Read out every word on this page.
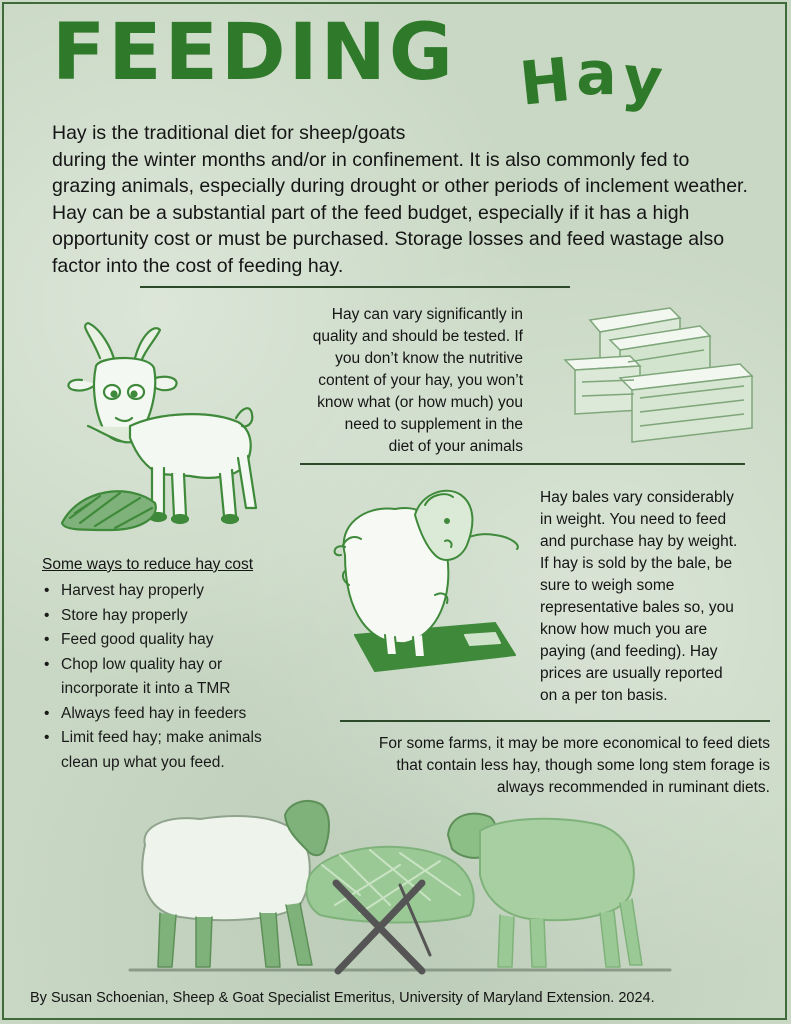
FEEDING Hay
Hay is the traditional diet for sheep/goats
during the winter months and/or in confinement. It is also commonly fed to grazing animals, especially during drought or other periods of inclement weather. Hay can be a substantial part of the feed budget, especially if it has a high opportunity cost or must be purchased. Storage losses and feed wastage also factor into the cost of feeding hay.
Hay can vary significantly in
quality and should be tested. If
you don’t know the nutritive
content of your hay, you won’t
know what (or how much) you
need to supplement in the
diet of your animals
Hay bales vary considerably
in weight. You need to feed
and purchase hay by weight.
If hay is sold by the bale, be
sure to weigh some
representative bales so, you
know how much you are
paying (and feeding). Hay
prices are usually reported
on a per ton basis.
Some ways to reduce hay cost
• Harvest hay properly
• Store hay properly
• Feed good quality hay
• Chop low quality hay or incorporate it into a TMR
• Always feed hay in feeders
• Limit feed hay; make animals clean up what you feed.
For some farms, it may be more economical to feed diets
that contain less hay, though some long stem forage is
always recommended in ruminant diets.
By Susan Schoenian, Sheep & Goat Specialist Emeritus, University of Maryland Extension. 2024.
